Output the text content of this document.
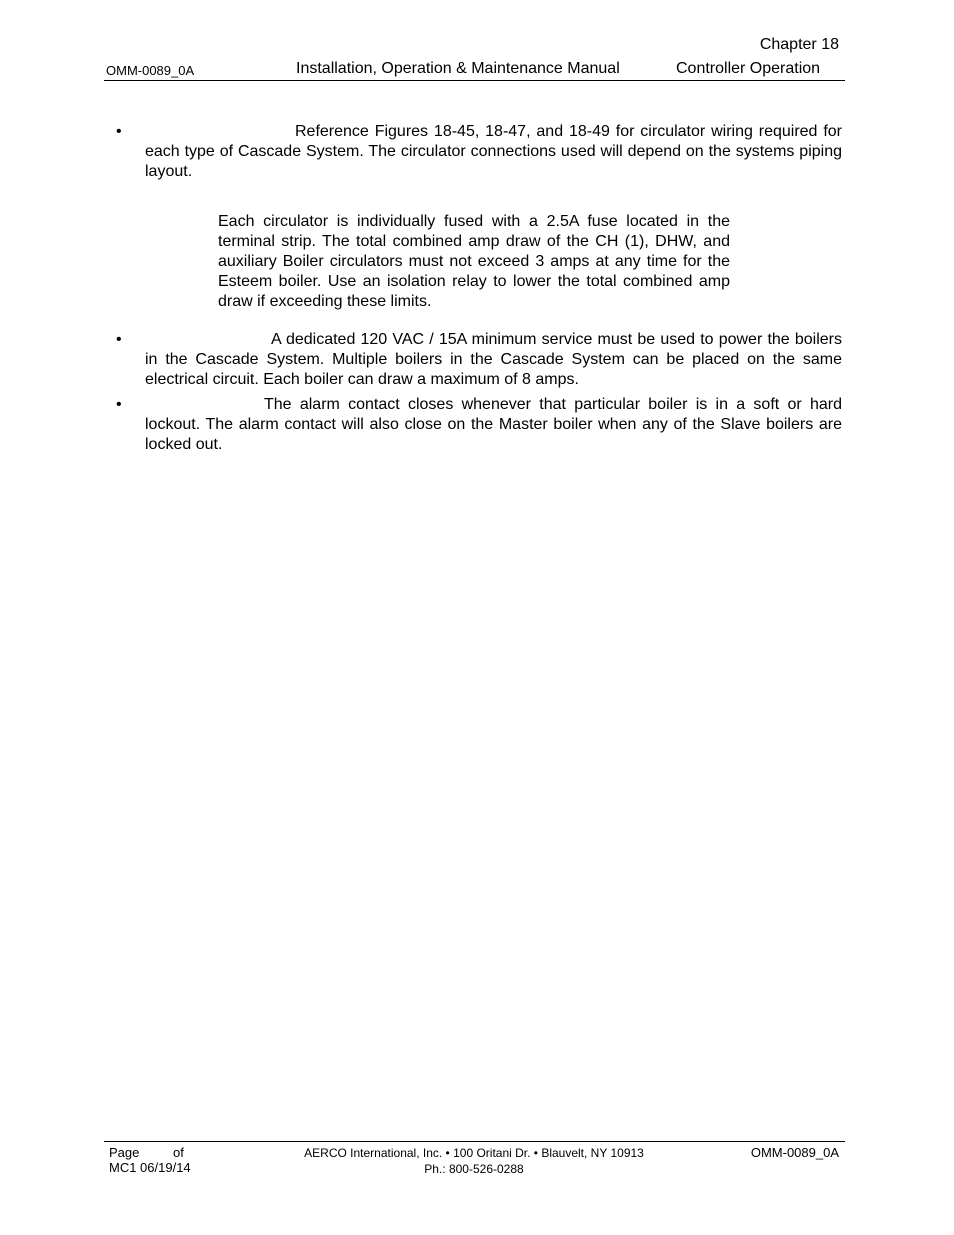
Chapter 18
OMM-0089_0A	Installation, Operation & Maintenance Manual	Controller Operation
•	Reference Figures 18-45, 18-47, and 18-49 for circulator wiring required for each type of Cascade System. The circulator connections used will depend on the systems piping layout.
Each circulator is individually fused with a 2.5A fuse located in the terminal strip. The total combined amp draw of the CH (1), DHW, and auxiliary Boiler circulators must not exceed 3 amps at any time for the Esteem boiler. Use an isolation relay to lower the total combined amp draw if exceeding these limits.
•	A dedicated 120 VAC / 15A minimum service must be used to power the boilers in the Cascade System. Multiple boilers in the Cascade System can be placed on the same electrical circuit. Each boiler can draw a maximum of 8 amps.
•	The alarm contact closes whenever that particular boiler is in a soft or hard lockout. The alarm contact will also close on the Master boiler when any of the Slave boilers are locked out.
Page	of
MC1 06/19/14
AERCO International, Inc. • 100 Oritani Dr. • Blauvelt, NY 10913
Ph.: 800-526-0288
OMM-0089_0A
